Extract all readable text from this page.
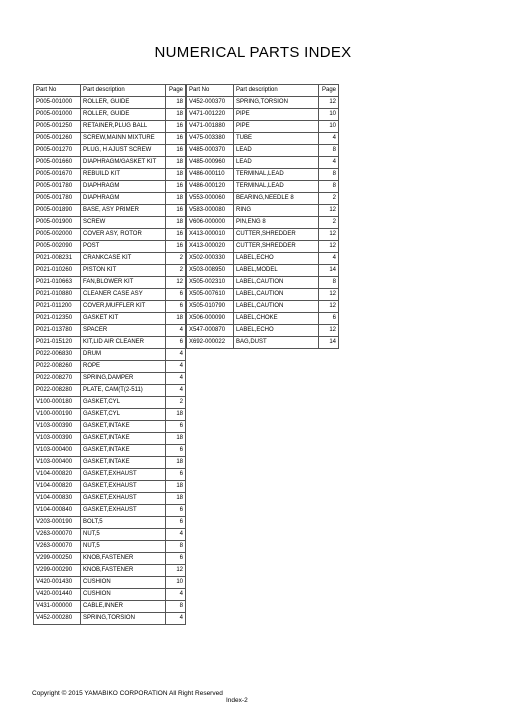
NUMERICAL PARTS INDEX
Part No	Part description	Page
P005-001000	ROLLER, GUIDE	18
P005-001000	ROLLER, GUIDE	18
P005-001250	RETAINER,PLUG BALL	16
P005-001260	SCREW,MAINN MIXTURE	16
P005-001270	PLUG, H AJUST SCREW	16
P005-001660	DIAPHRAGM/GASKET KIT	18
P005-001670	REBUILD KIT	18
P005-001780	DIAPHRAGM	16
P005-001780	DIAPHRAGM	18
P005-001890	BASE, ASY PRIMER	16
P005-001900	SCREW	18
P005-002000	COVER ASY, ROTOR	16
P005-002090	POST	16
P021-008231	CRANKCASE KIT	2
P021-010260	PISTON KIT	2
P021-010663	FAN,BLOWER KIT	12
P021-010880	CLEANER CASE ASY	6
P021-011200	COVER,MUFFLER KIT	6
P021-012350	GASKET KIT	18
P021-013780	SPACER	4
P021-015120	KIT,LID AIR CLEANER	6
P022-006830	DRUM	4
P022-008260	ROPE	4
P022-008270	SPRING,DAMPER	4
P022-008280	PLATE, CAM(T(2-511)	4
V100-000180	GASKET,CYL	2
V100-000190	GASKET,CYL	18
V103-000390	GASKET,INTAKE	6
V103-000390	GASKET,INTAKE	18
V103-000400	GASKET,INTAKE	6
V103-000400	GASKET,INTAKE	18
V104-000820	GASKET,EXHAUST	6
V104-000820	GASKET,EXHAUST	18
V104-000830	GASKET,EXHAUST	18
V104-000840	GASKET,EXHAUST	6
V203-000190	BOLT,5	6
V263-000070	NUT,5	4
V263-000070	NUT,5	8
V299-000250	KNOB,FASTENER	6
V299-000290	KNOB,FASTENER	12
V420-001430	CUSHION	10
V420-001440	CUSHION	4
V431-000000	CABLE,INNER	8
V452-000280	SPRING,TORSION	4
Part No	Part description	Page
V452-000370	SPRING,TORSION	12
V471-001220	PIPE	10
V471-001880	PIPE	10
V475-003380	TUBE	4
V485-000370	LEAD	8
V485-000960	LEAD	4
V486-000110	TERMINAL,LEAD	8
V486-000120	TERMINAL,LEAD	8
V553-000060	BEARING,NEEDLE 8	2
V583-000080	RING	12
V606-000000	PIN,ENG 8	2
X413-000010	CUTTER,SHREDDER	12
X413-000020	CUTTER,SHREDDER	12
X502-000330	LABEL,ECHO	4
X503-008950	LABEL,MODEL	14
X505-002310	LABEL,CAUTION	8
X505-007610	LABEL,CAUTION	12
X505-010790	LABEL,CAUTION	12
X506-000090	LABEL,CHOKE	6
X547-000870	LABEL,ECHO	12
X692-000022	BAG,DUST	14
Copyright © 2015 YAMABIKO CORPORATION All Right Reserved
Index-2
